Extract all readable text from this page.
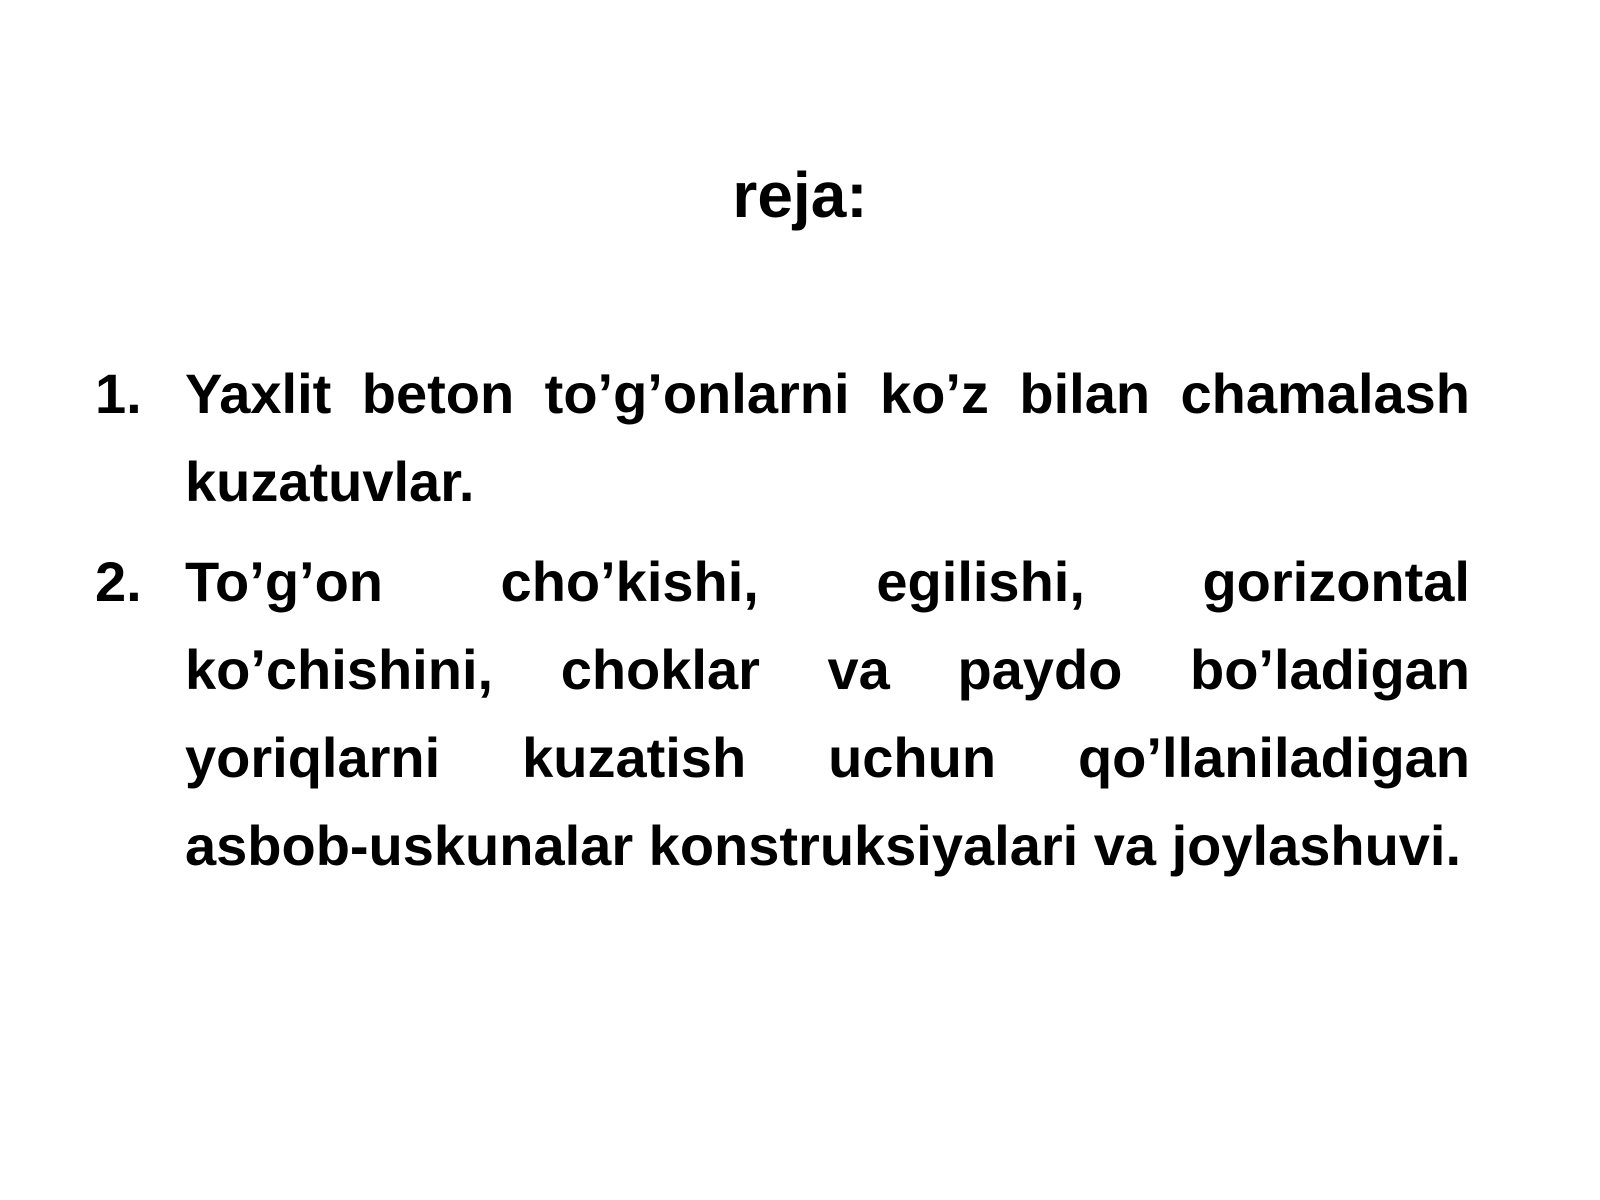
reja:
1. Yaxlit beton to’g’onlarni ko’z bilan chamalash kuzatuvlar.
2. To’g’on cho’kishi, egilishi, gorizontal ko’chishini, choklar va paydo bo’ladigan yoriqlarni kuzatish uchun qo’llaniladigan asbob-uskunalar konstruksiyalari va joylashuvi.
